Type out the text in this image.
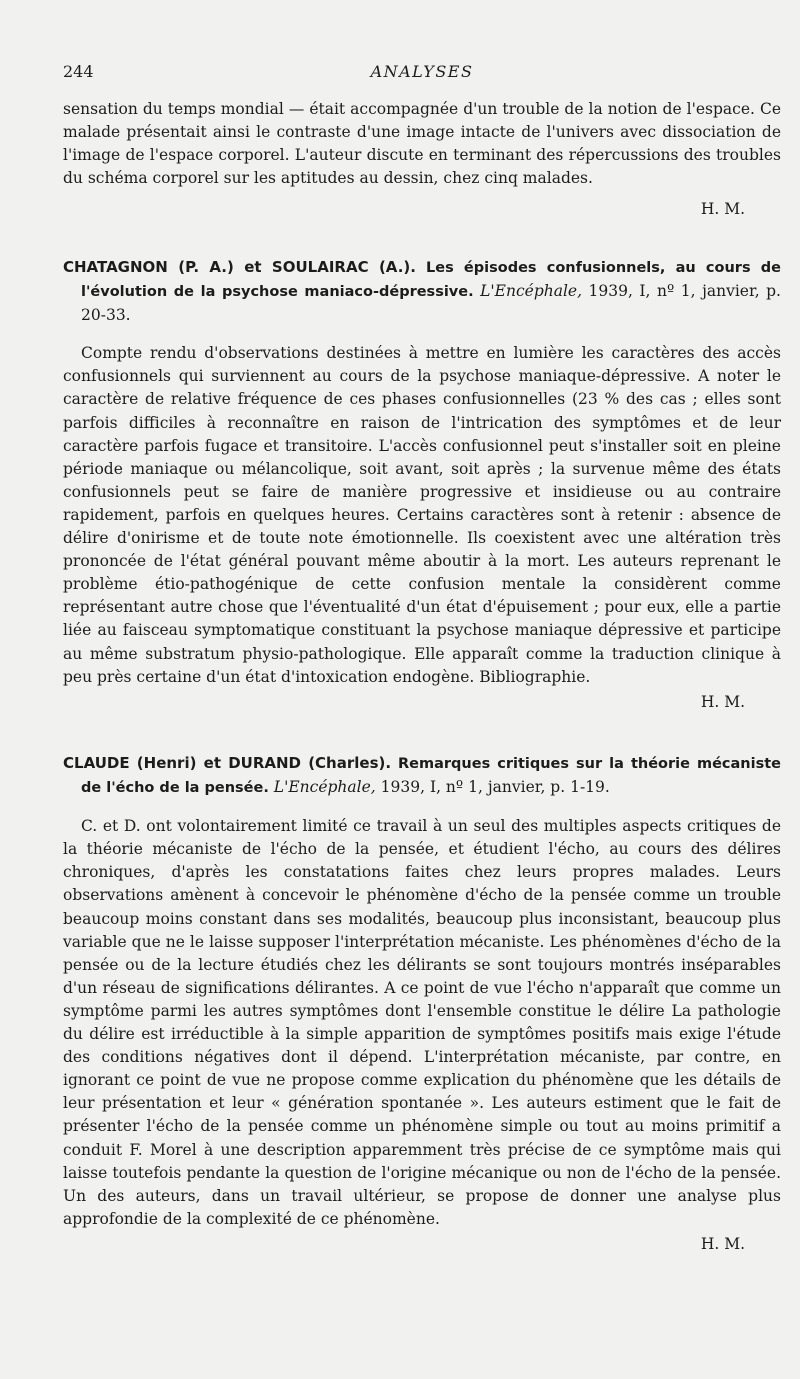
244	ANALYSES

sensation du temps mondial — était accompagnée d'un trouble de la notion de l'espace. Ce malade présentait ainsi le contraste d'une image intacte de l'univers avec dissociation de l'image de l'espace corporel. L'auteur discute en terminant des répercussions des troubles du schéma corporel sur les aptitudes au dessin, chez cinq malades.

H. M.
CHATAGNON (P. A.) et SOULAIRAC (A.). Les épisodes confusionnels, au cours de l'évolution de la psychose maniaco-dépressive. L'Encéphale, 1939, I, nº 1, janvier, p. 20-33.

Compte rendu d'observations destinées à mettre en lumière les caractères des accès confusionnels qui surviennent au cours de la psychose maniaque-dépressive. A noter le caractère de relative fréquence de ces phases confusionnelles (23 % des cas ; elles sont parfois difficiles à reconnaître en raison de l'intrication des symptômes et de leur caractère parfois fugace et transitoire. L'accès confusionnel peut s'installer soit en pleine période maniaque ou mélancolique, soit avant, soit après ; la survenue même des états confusionnels peut se faire de manière progressive et insidieuse ou au contraire rapidement, parfois en quelques heures. Certains caractères sont à retenir : absence de délire d'onirisme et de toute note émotionnelle. Ils coexistent avec une altération très prononcée de l'état général pouvant même aboutir à la mort. Les auteurs reprenant le problème étio-pathogénique de cette confusion mentale la considèrent comme représentant autre chose que l'éventualité d'un état d'épuisement ; pour eux, elle a partie liée au faisceau symptomatique constituant la psychose maniaque dépressive et participe au même substratum physio-pathologique. Elle apparaît comme la traduction clinique à peu près certaine d'un état d'intoxication endogène. Bibliographie.

H. M.
CLAUDE (Henri) et DURAND (Charles). Remarques critiques sur la théorie mécaniste de l'écho de la pensée. L'Encéphale, 1939, I, nº 1, janvier, p. 1-19.

C. et D. ont volontairement limité ce travail à un seul des multiples aspects critiques de la théorie mécaniste de l'écho de la pensée, et étudient l'écho, au cours des délires chroniques, d'après les constatations faites chez leurs propres malades. Leurs observations amènent à concevoir le phénomène d'écho de la pensée comme un trouble beaucoup moins constant dans ses modalités, beaucoup plus inconsistant, beaucoup plus variable que ne le laisse supposer l'interprétation mécaniste. Les phénomènes d'écho de la pensée ou de la lecture étudiés chez les délirants se sont toujours montrés inséparables d'un réseau de significations délirantes. A ce point de vue l'écho n'apparaît que comme un symptôme parmi les autres symptômes dont l'ensemble constitue le délire La pathologie du délire est irréductible à la simple apparition de symptômes positifs mais exige l'étude des conditions négatives dont il dépend. L'interprétation mécaniste, par contre, en ignorant ce point de vue ne propose comme explication du phénomène que les détails de leur présentation et leur « génération spontanée ». Les auteurs estiment que le fait de présenter l'écho de la pensée comme un phénomène simple ou tout au moins primitif a conduit F. Morel à une description apparemment très précise de ce symptôme mais qui laisse toutefois pendante la question de l'origine mécanique ou non de l'écho de la pensée. Un des auteurs, dans un travail ultérieur, se propose de donner une analyse plus approfondie de la complexité de ce phénomène.

H. M.
